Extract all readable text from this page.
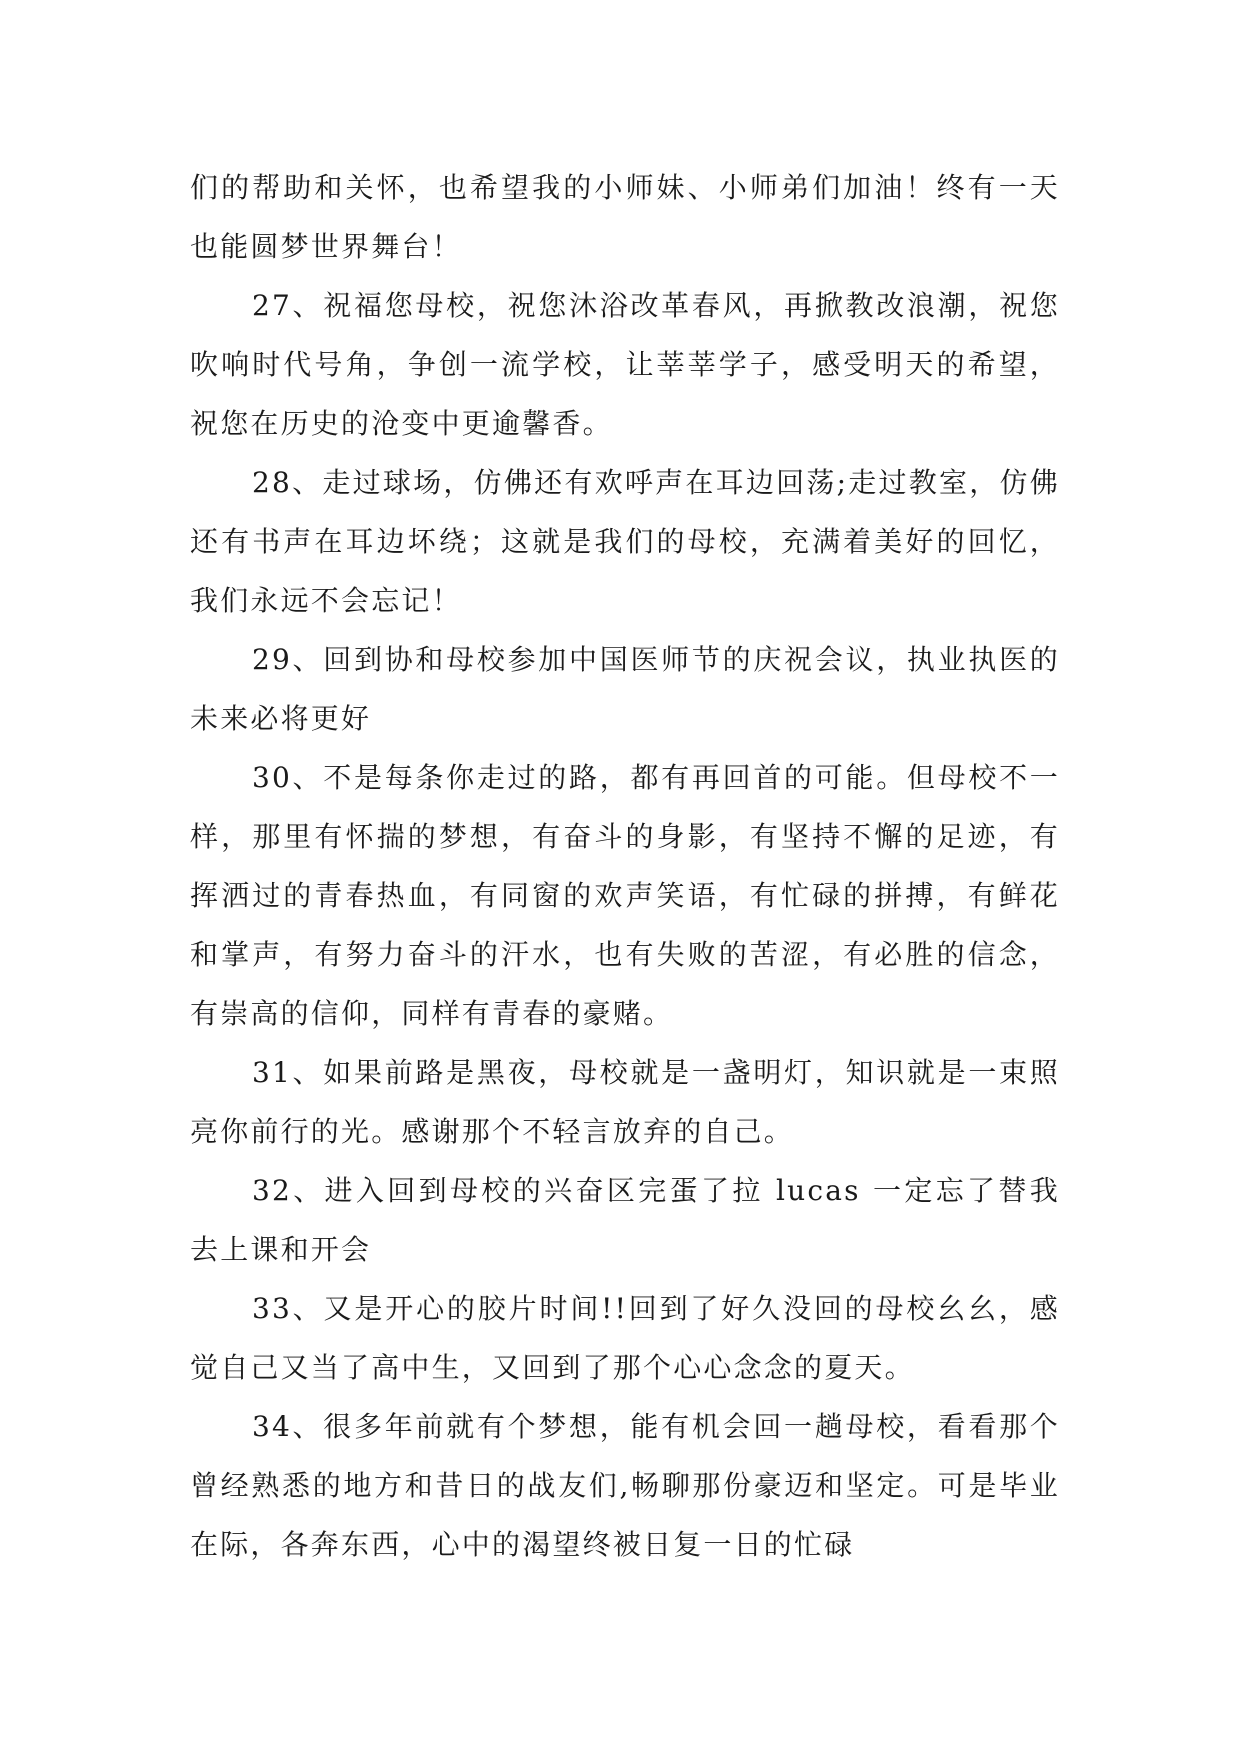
们的帮助和关怀，也希望我的小师妹、小师弟们加油！终有一天也能圆梦世界舞台！

27、祝福您母校，祝您沐浴改革春风，再掀教改浪潮，祝您吹响时代号角，争创一流学校，让莘莘学子，感受明天的希望，祝您在历史的沧变中更逾馨香。

28、走过球场，仿佛还有欢呼声在耳边回荡;走过教室，仿佛还有书声在耳边坏绕；这就是我们的母校，充满着美好的回忆，我们永远不会忘记！

29、回到协和母校参加中国医师节的庆祝会议，执业执医的未来必将更好

30、不是每条你走过的路，都有再回首的可能。但母校不一样，那里有怀揣的梦想，有奋斗的身影，有坚持不懈的足迹，有挥洒过的青春热血，有同窗的欢声笑语，有忙碌的拼搏，有鲜花和掌声，有努力奋斗的汗水，也有失败的苦涩，有必胜的信念，有崇高的信仰，同样有青春的豪赌。

31、如果前路是黑夜，母校就是一盏明灯，知识就是一束照亮你前行的光。感谢那个不轻言放弃的自己。

32、进入回到母校的兴奋区完蛋了拉 lucas 一定忘了替我去上课和开会

33、又是开心的胶片时间!!回到了好久没回的母校幺幺，感觉自己又当了高中生，又回到了那个心心念念的夏天。

34、很多年前就有个梦想，能有机会回一趟母校，看看那个曾经熟悉的地方和昔日的战友们,畅聊那份豪迈和坚定。可是毕业在际，各奔东西，心中的渴望终被日复一日的忙碌
